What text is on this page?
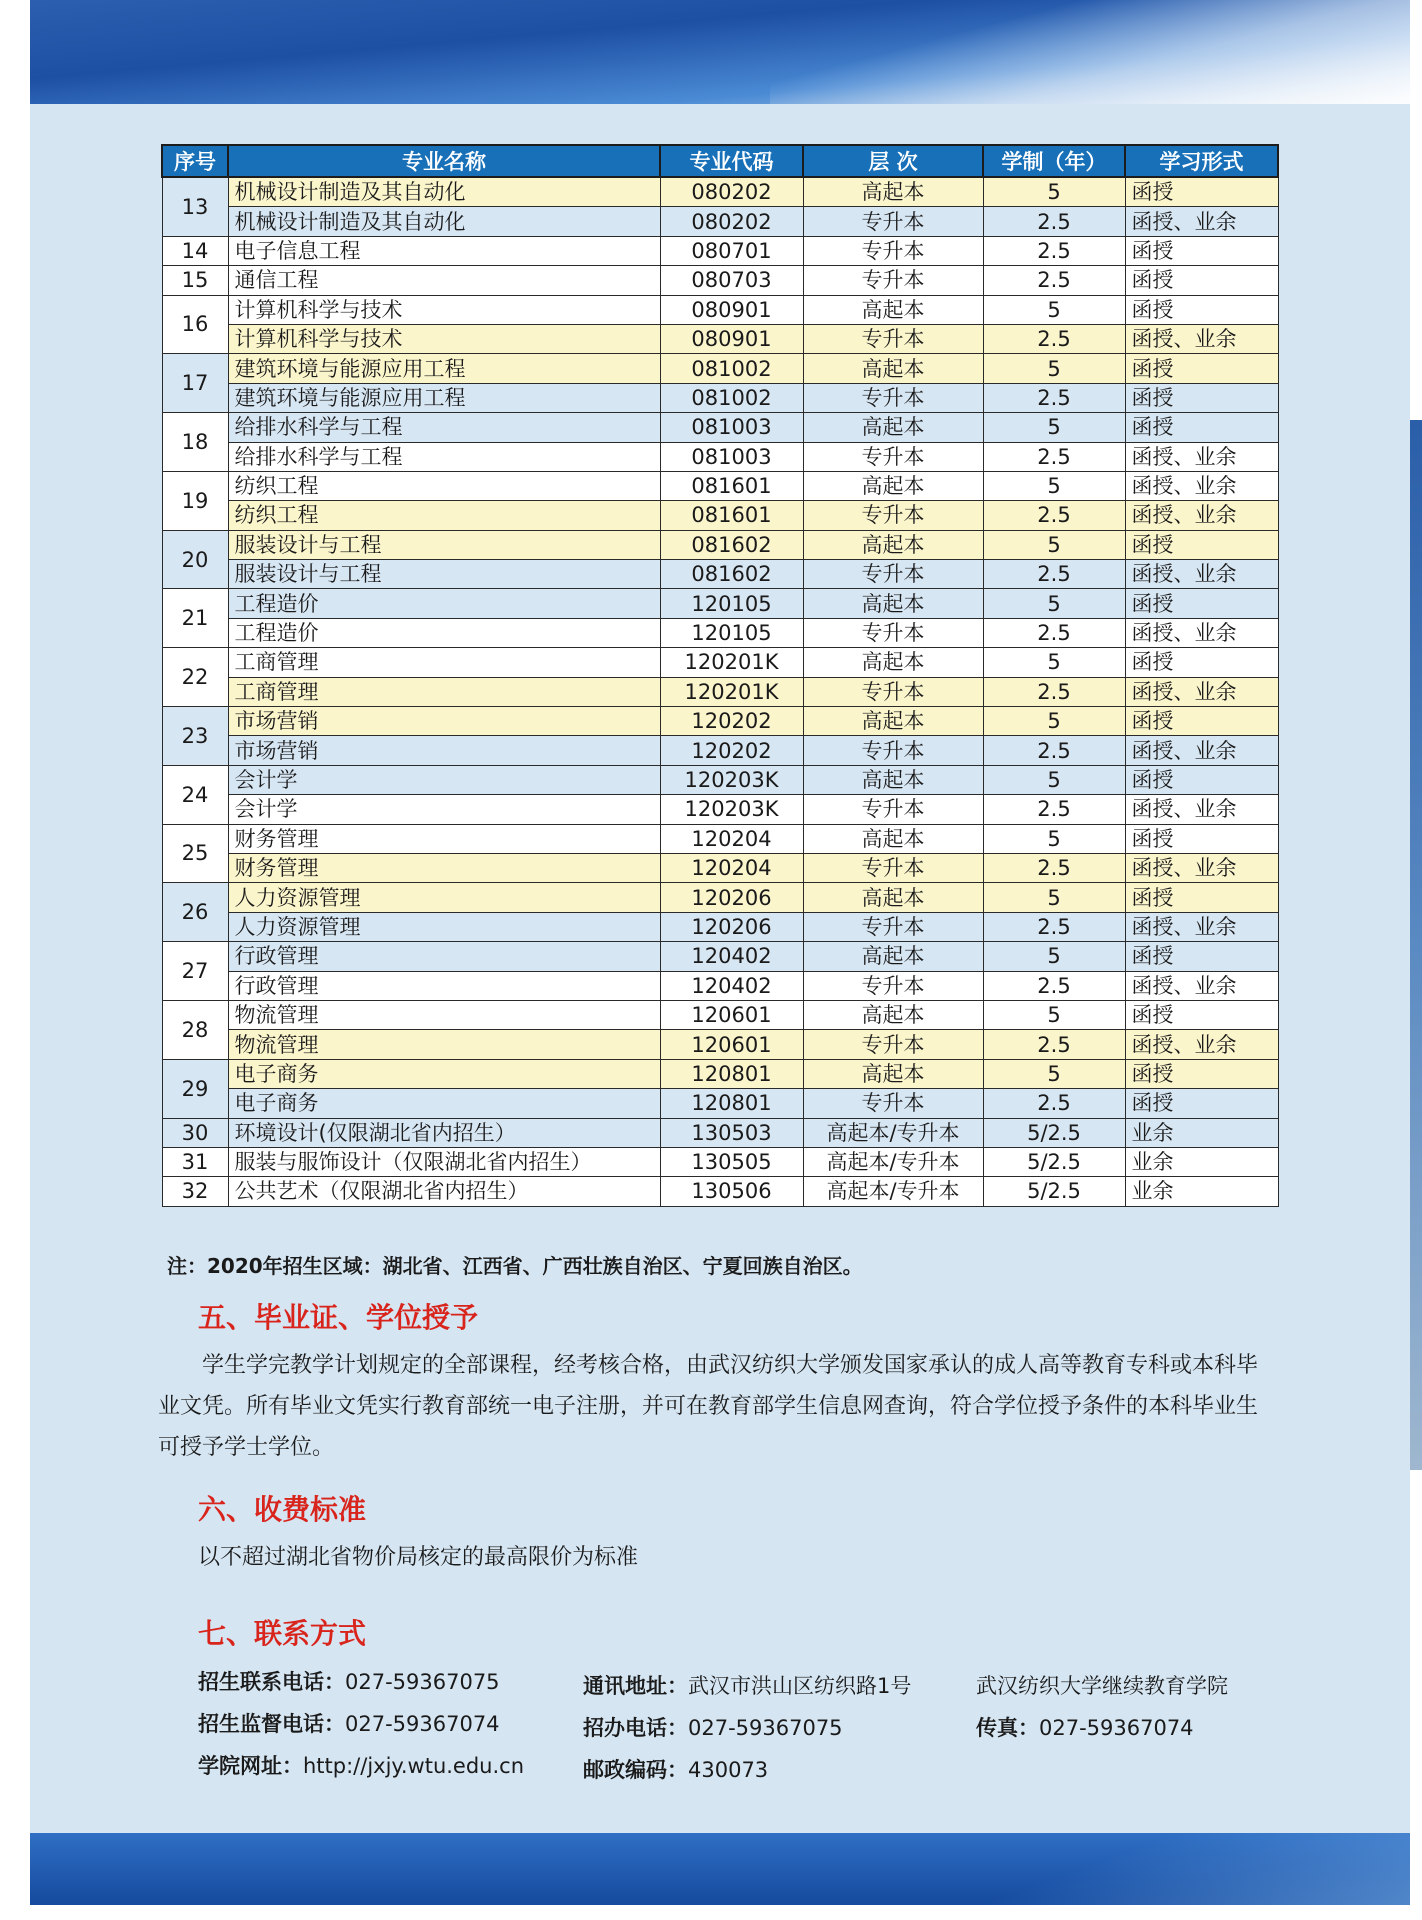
序号	专业名称	专业代码	层 次	学制（年）	学习形式
13	机械设计制造及其自动化	080202	高起本	5	函授
	机械设计制造及其自动化	080202	专升本	2.5	函授、业余
14	电子信息工程	080701	专升本	2.5	函授
15	通信工程	080703	专升本	2.5	函授
16	计算机科学与技术	080901	高起本	5	函授
	计算机科学与技术	080901	专升本	2.5	函授、业余
17	建筑环境与能源应用工程	081002	高起本	5	函授
	建筑环境与能源应用工程	081002	专升本	2.5	函授
18	给排水科学与工程	081003	高起本	5	函授
	给排水科学与工程	081003	专升本	2.5	函授、业余
19	纺织工程	081601	高起本	5	函授、业余
	纺织工程	081601	专升本	2.5	函授、业余
20	服装设计与工程	081602	高起本	5	函授
	服装设计与工程	081602	专升本	2.5	函授、业余
21	工程造价	120105	高起本	5	函授
	工程造价	120105	专升本	2.5	函授、业余
22	工商管理	120201K	高起本	5	函授
	工商管理	120201K	专升本	2.5	函授、业余
23	市场营销	120202	高起本	5	函授
	市场营销	120202	专升本	2.5	函授、业余
24	会计学	120203K	高起本	5	函授
	会计学	120203K	专升本	2.5	函授、业余
25	财务管理	120204	高起本	5	函授
	财务管理	120204	专升本	2.5	函授、业余
26	人力资源管理	120206	高起本	5	函授
	人力资源管理	120206	专升本	2.5	函授、业余
27	行政管理	120402	高起本	5	函授
	行政管理	120402	专升本	2.5	函授、业余
28	物流管理	120601	高起本	5	函授
	物流管理	120601	专升本	2.5	函授、业余
29	电子商务	120801	高起本	5	函授
	电子商务	120801	专升本	2.5	函授
30	环境设计(仅限湖北省内招生）	130503	高起本/专升本	5/2.5	业余
31	服装与服饰设计（仅限湖北省内招生）	130505	高起本/专升本	5/2.5	业余
32	公共艺术（仅限湖北省内招生）	130506	高起本/专升本	5/2.5	业余
注：2020年招生区域：湖北省、江西省、广西壮族自治区、宁夏回族自治区。
五、毕业证、学位授予
学生学完教学计划规定的全部课程，经考核合格，由武汉纺织大学颁发国家承认的成人高等教育专科或本科毕业文凭。所有毕业文凭实行教育部统一电子注册，并可在教育部学生信息网查询，符合学位授予条件的本科毕业生可授予学士学位。
六、收费标准
以不超过湖北省物价局核定的最高限价为标准
七、联系方式
招生联系电话：027-59367075
招生监督电话：027-59367074
学院网址：http://jxjy.wtu.edu.cn
通讯地址：武汉市洪山区纺织路1号	武汉纺织大学继续教育学院
招办电话：027-59367075	传真：027-59367074
邮政编码：430073
